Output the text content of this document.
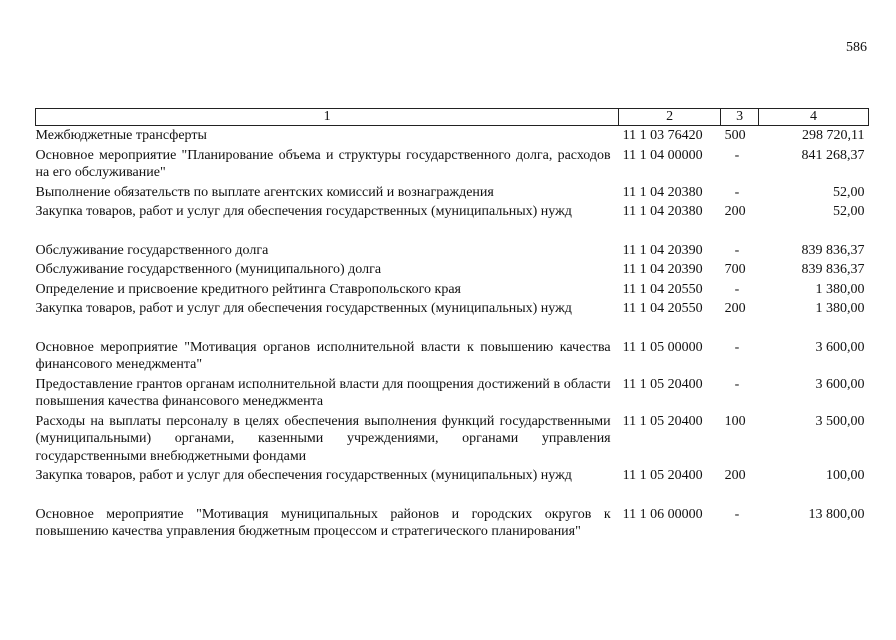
586
1	2	3	4
Межбюджетные трансферты	11 1 03 76420	500	298 720,11
Основное мероприятие "Планирование объема и структуры государственного долга, расходов на его обслуживание"	11 1 04 00000	-	841 268,37
Выполнение обязательств по выплате агентских комиссий и вознаграждения	11 1 04 20380	-	52,00
Закупка товаров, работ и услуг для обеспечения государственных (муниципальных) нужд	11 1 04 20380	200	52,00

Обслуживание государственного долга	11 1 04 20390	-	839 836,37
Обслуживание государственного (муниципального) долга	11 1 04 20390	700	839 836,37
Определение и присвоение кредитного рейтинга Ставропольского края	11 1 04 20550	-	1 380,00
Закупка товаров, работ и услуг для обеспечения государственных (муниципальных) нужд	11 1 04 20550	200	1 380,00

Основное мероприятие "Мотивация органов исполнительной власти к повышению качества финансового менеджмента"	11 1 05 00000	-	3 600,00
Предоставление грантов органам исполнительной власти для поощрения достижений в области повышения качества финансового менеджмента	11 1 05 20400	-	3 600,00
Расходы на выплаты персоналу в целях обеспечения выполнения функций государственными (муниципальными) органами, казенными учреждениями, органами управления государственными внебюджетными фондами	11 1 05 20400	100	3 500,00
Закупка товаров, работ и услуг для обеспечения государственных (муниципальных) нужд	11 1 05 20400	200	100,00

Основное мероприятие "Мотивация муниципальных районов и городских округов к повышению качества управления бюджетным процессом и стратегического планирования"	11 1 06 00000	-	13 800,00
